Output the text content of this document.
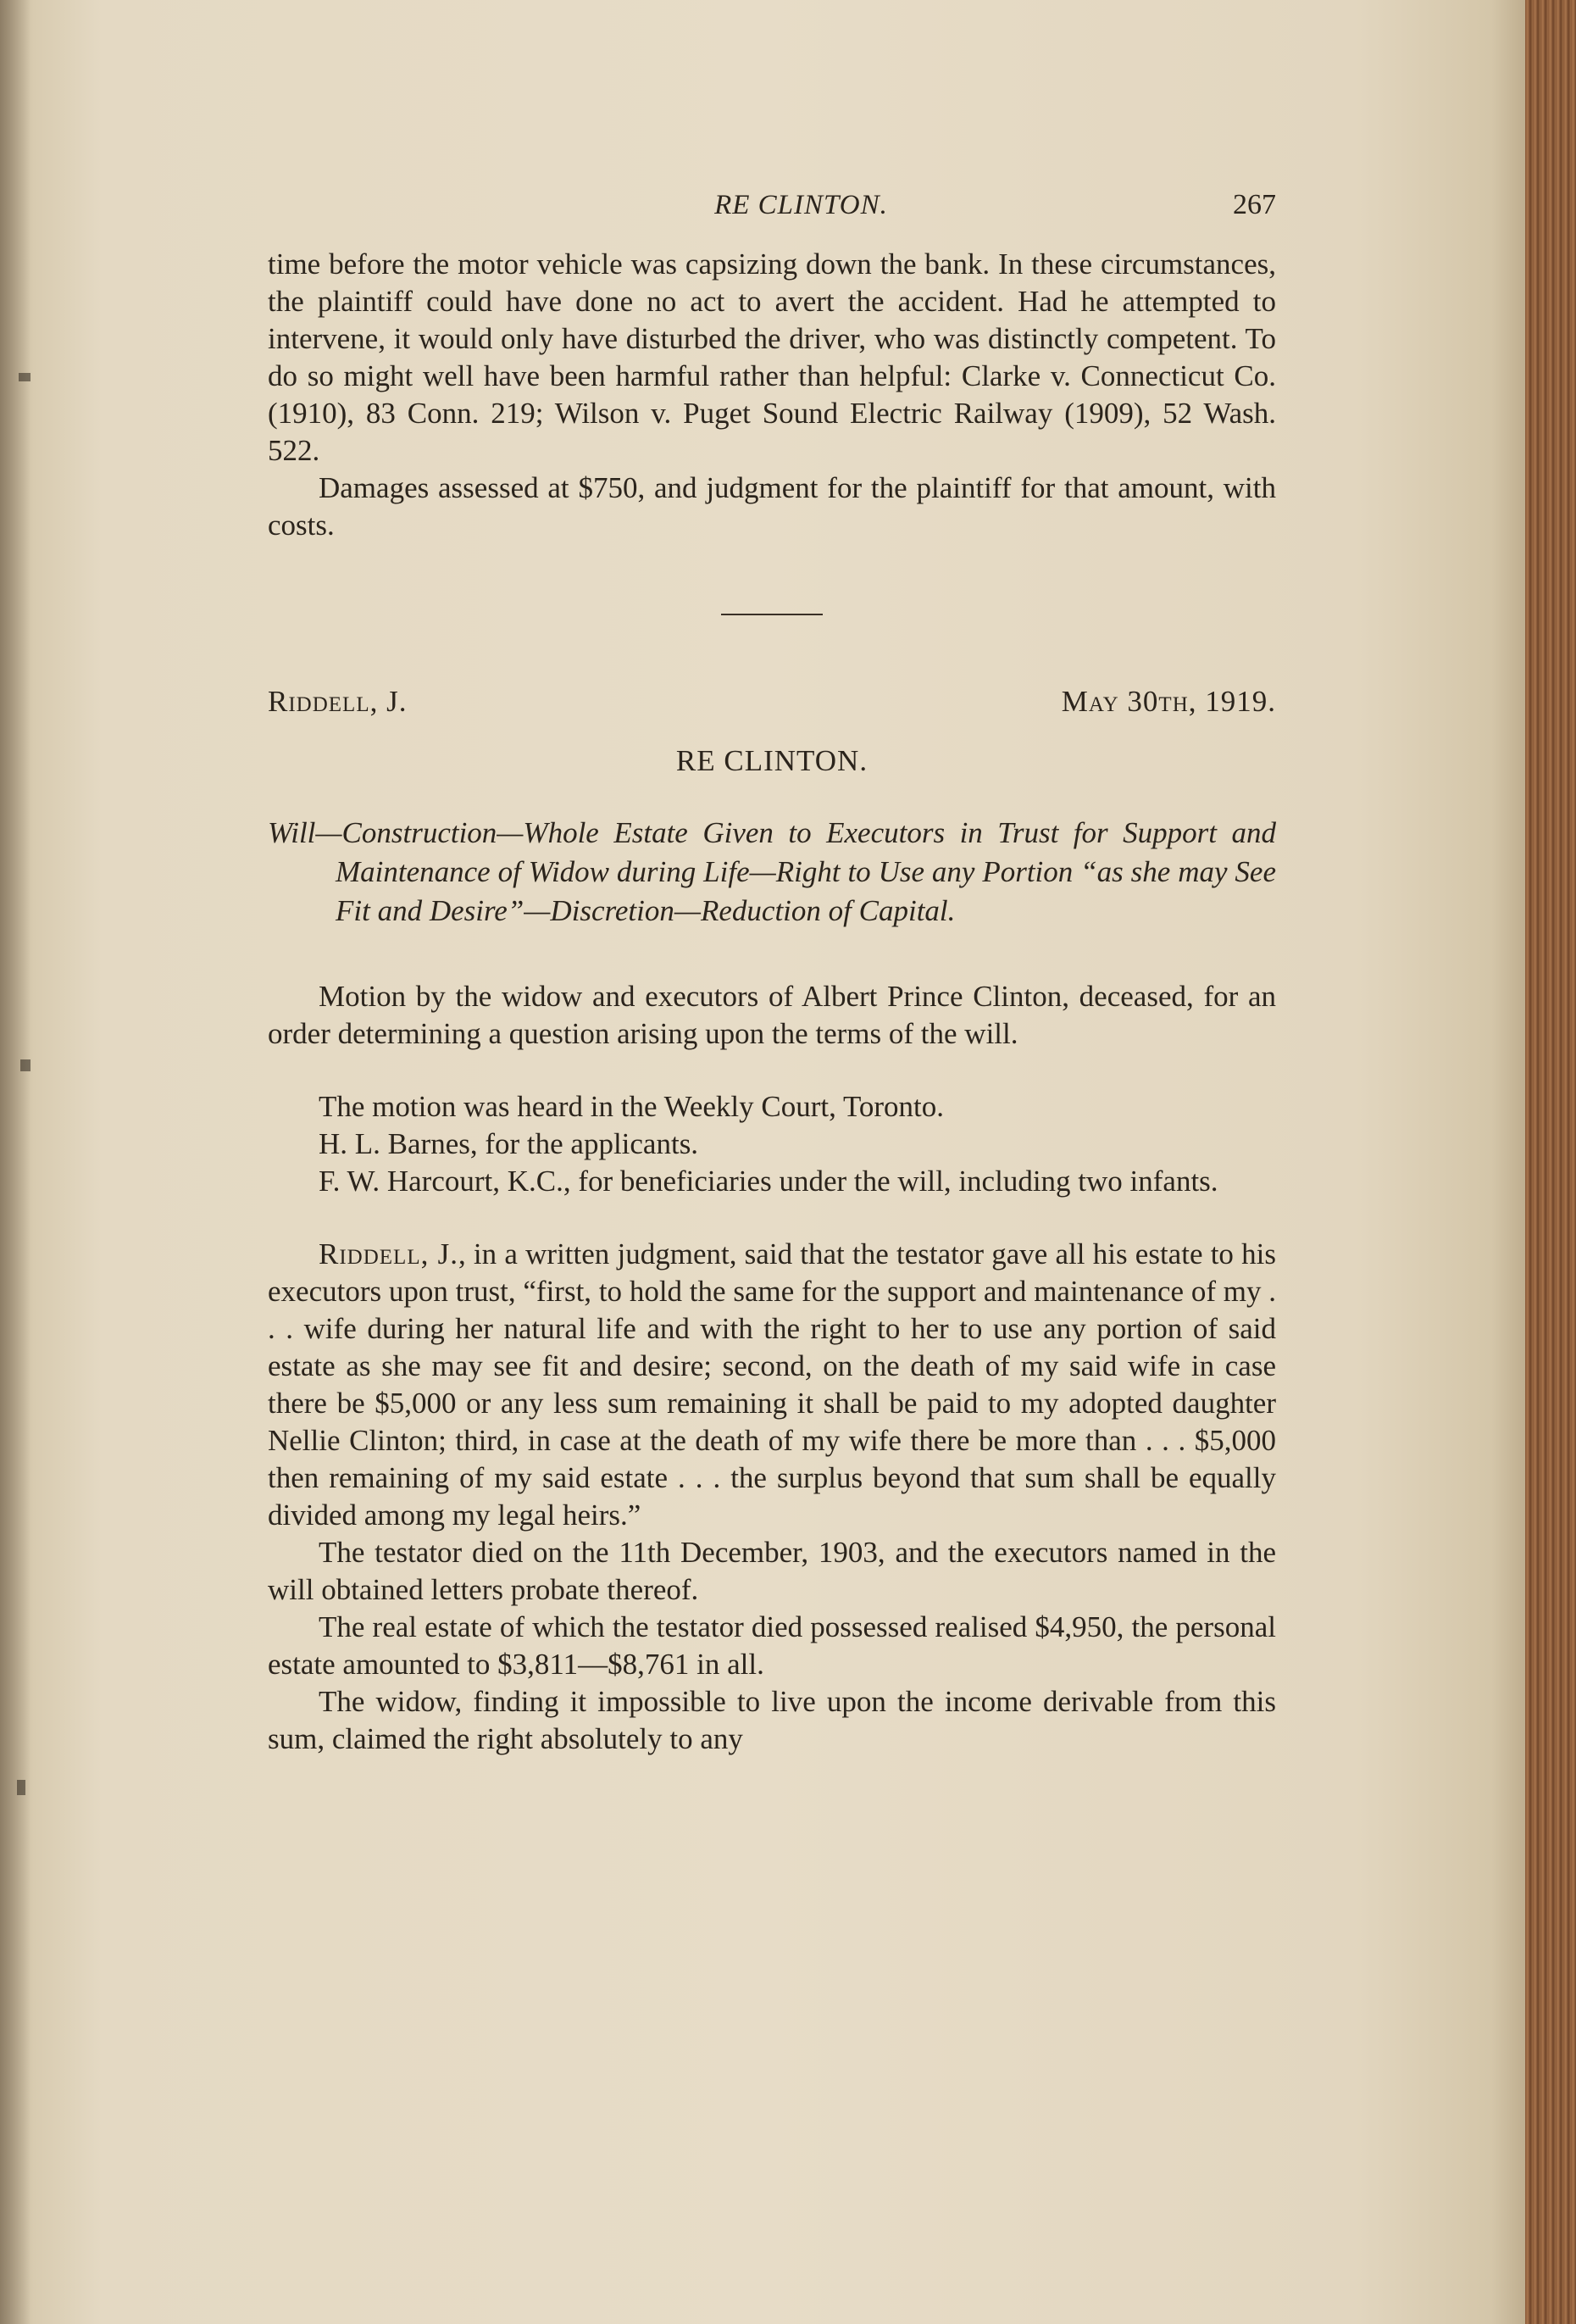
RE CLINTON.	267

time before the motor vehicle was capsizing down the bank. In these circumstances, the plaintiff could have done no act to avert the accident. Had he attempted to intervene, it would only have disturbed the driver, who was distinctly competent. To do so might well have been harmful rather than helpful: Clarke v. Connecticut Co. (1910), 83 Conn. 219; Wilson v. Puget Sound Electric Railway (1909), 52 Wash. 522.

Damages assessed at $750, and judgment for the plaintiff for that amount, with costs.

Riddell, J.	May 30th, 1919.
RE CLINTON.

Will—Construction—Whole Estate Given to Executors in Trust for Support and Maintenance of Widow during Life—Right to Use any Portion “as she may See Fit and Desire”—Discretion—Reduction of Capital.

Motion by the widow and executors of Albert Prince Clinton, deceased, for an order determining a question arising upon the terms of the will.

The motion was heard in the Weekly Court, Toronto.

H. L. Barnes, for the applicants.

F. W. Harcourt, K.C., for beneficiaries under the will, including two infants.

Riddell, J., in a written judgment, said that the testator gave all his estate to his executors upon trust, “first, to hold the same for the support and maintenance of my . . . wife during her natural life and with the right to her to use any portion of said estate as she may see fit and desire; second, on the death of my said wife in case there be $5,000 or any less sum remaining it shall be paid to my adopted daughter Nellie Clinton; third, in case at the death of my wife there be more than . . . $5,000 then remaining of my said estate . . . the surplus beyond that sum shall be equally divided among my legal heirs.”

The testator died on the 11th December, 1903, and the executors named in the will obtained letters probate thereof.

The real estate of which the testator died possessed realised $4,950, the personal estate amounted to $3,811—$8,761 in all.

The widow, finding it impossible to live upon the income derivable from this sum, claimed the right absolutely to any
